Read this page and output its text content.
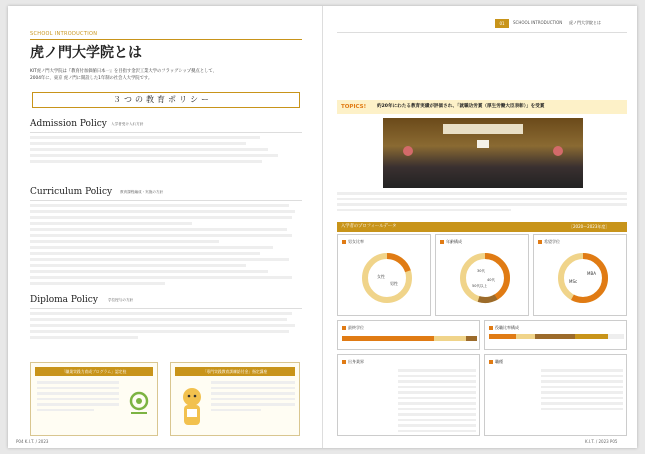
SCHOOL INTRODUCTION
虎ノ門大学院とは
KIT虎ノ門大学院は『教育付加価値日本一』を目指す金沢工業大学のフラッグシップ拠点として、
2004年に、東京 虎ノ門に開設した1年制の社会人大学院です。
３つの教育ポリシー
Admission Policy 入学者受け入れ方針
Curriculum Policy 教育課程編成・実施の方針
Diploma Policy	学位授与の方針
「職業実践力育成プログラム」認定校	「専門実践教育訓練給付金」指定講座
P04 K.I.T. / 2023
01	SCHOOL INTRODUCTION 虎ノ門大学院とは
TOPICS! 約20年にわたる教育実績が評価され、「就職功労賞（厚生労働大臣表彰）」を受賞
入学者のプロフィールデータ	［2020〜2023年度］
男女比率
女性
男性
年齢構成
30代
40代
50代以上
希望学位
MBA
MSc
最終学位	役職比率構成
出身業界	職種
K.I.T. / 2023 P05
